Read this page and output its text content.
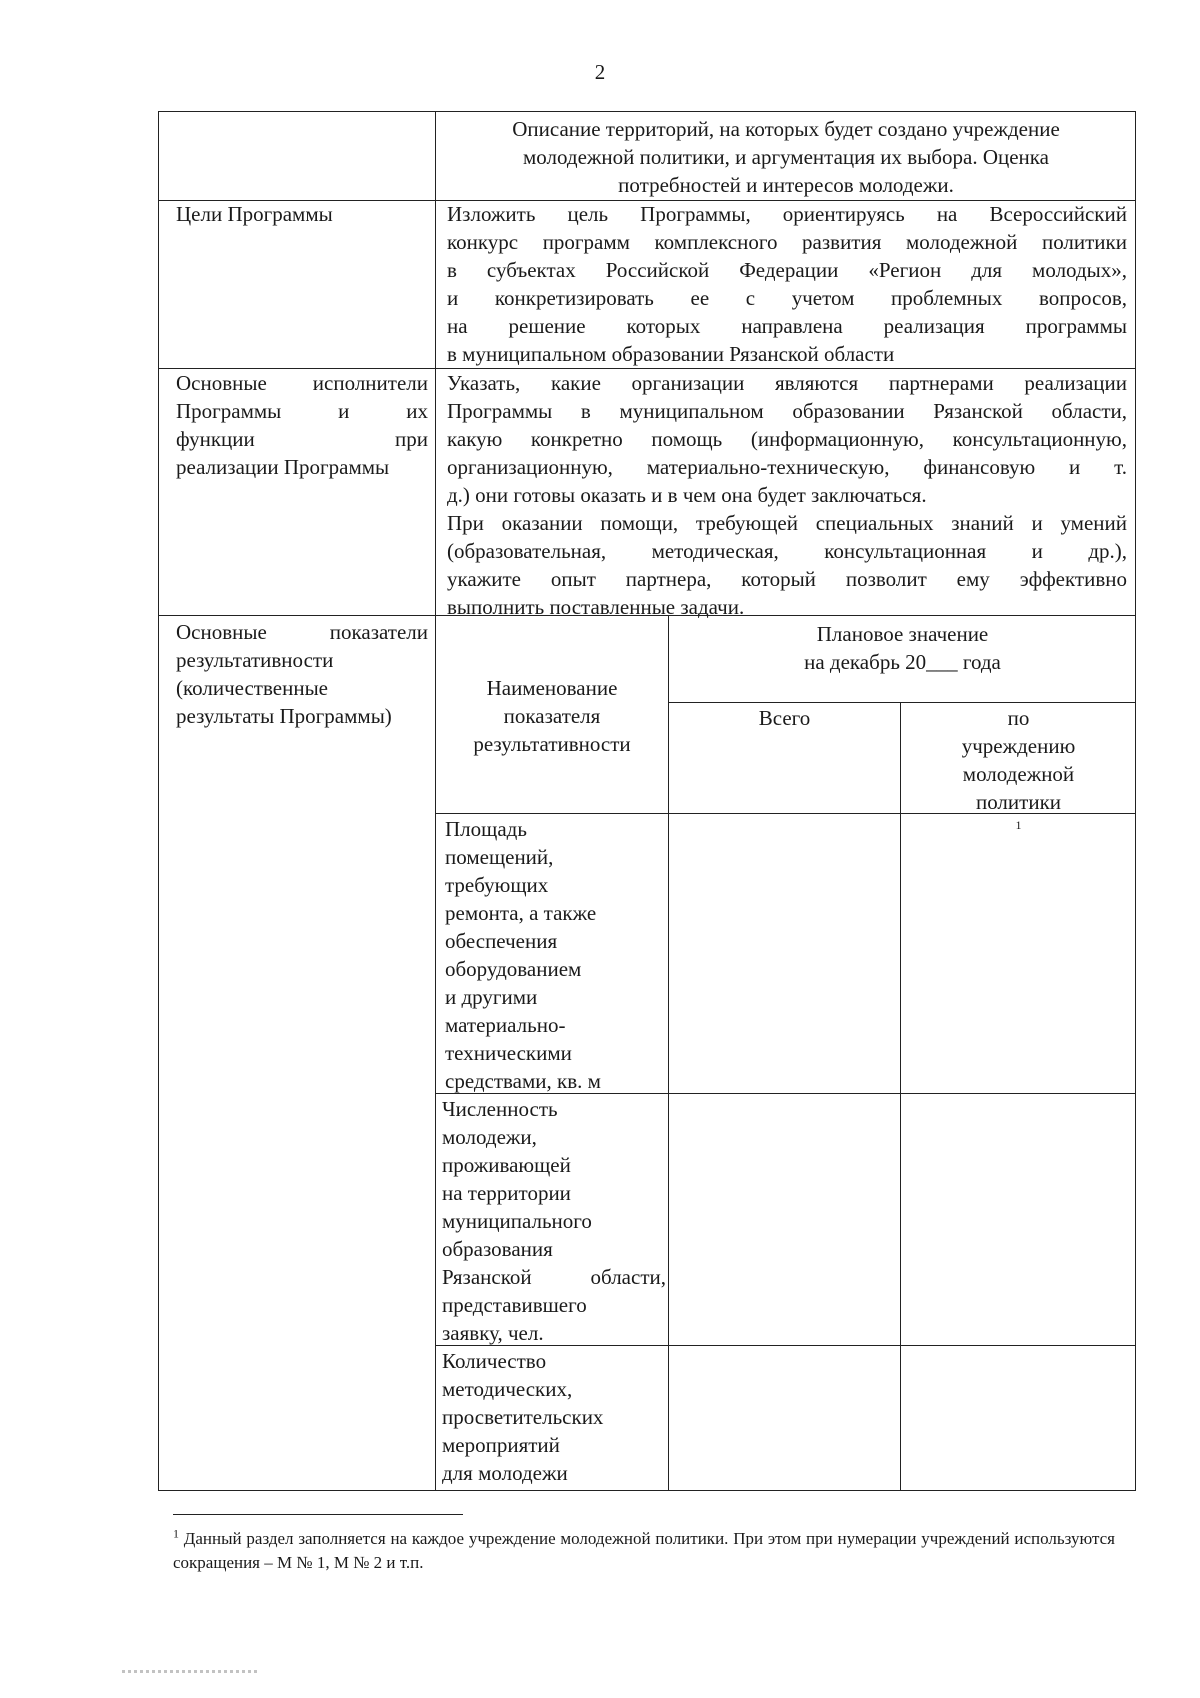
2
Описание территорий, на которых будет создано учреждение
молодежной политики, и аргументация их выбора. Оценка
потребностей и интересов молодежи.
Цели Программы	Изложить цель Программы, ориентируясь на Всероссийский
конкурс программ комплексного развития молодежной политики
в субъектах Российской Федерации «Регион для молодых»,
и конкретизировать ее с учетом проблемных вопросов,
на решение которых направлена реализация программы
в муниципальном образовании Рязанской области
Основные исполнители
Программы и их
функции при
реализации Программы
Указать, какие организации являются партнерами реализации
Программы в муниципальном образовании Рязанской области,
какую конкретно помощь (информационную, консультационную,
организационную, материально-техническую, финансовую и т.
д.) они готовы оказать и в чем она будет заключаться.
При оказании помощи, требующей специальных знаний и умений
(образовательная, методическая, консультационная и др.),
укажите опыт партнера, который позволит ему эффективно
выполнить поставленные задачи.
Основные показатели
результативности
(количественные
результаты Программы)
Наименование
показателя
результативности
Плановое значение
на декабрь 20___ года
Всего	по
учреждению
молодежной
политики
$^1$
Площадь
помещений,
требующих
ремонта, а также
обеспечения
оборудованием
и другими
материально-
техническими
средствами, кв. м
Численность
молодежи,
проживающей
на территории
муниципального
образования
Рязанской области,
представившего
заявку, чел.
Количество
методических,
просветительских
мероприятий
для молодежи
$^1$ Данный раздел заполняется на каждое учреждение молодежной политики. При этом при нумерации учреждений используются сокращения – М № 1, М № 2 и т.п.
